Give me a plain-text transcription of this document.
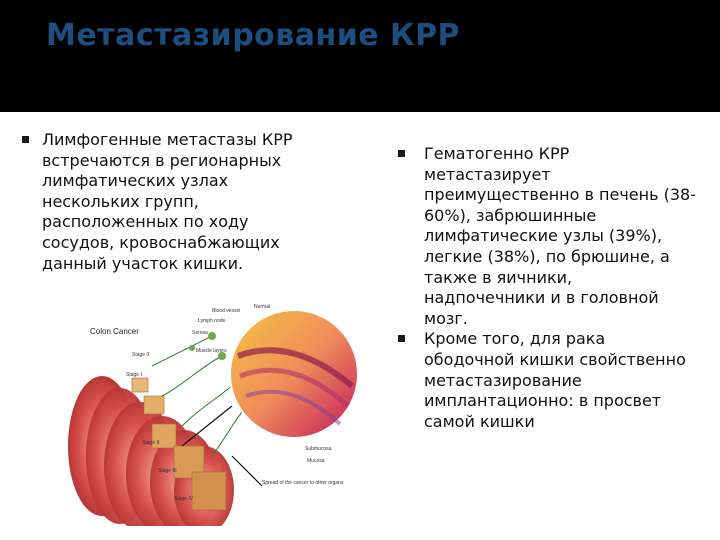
Метастазирование КРР

Лимфогенные метастазы КРР встречаются в регионарных лимфатических узлах нескольких групп, расположенных по ходу сосудов, кровоснабжающих данный участок кишки.

Гематогенно КРР метастазирует преимущественно в печень (38-60%), забрюшинные лимфатические узлы (39%), легкие (38%), по брюшине, а также в яичники, надпочечники и в головной мозг.

Кроме того, для рака ободочной кишки свойственно метастазирование имплантационно: в просвет самой кишки

Colon Cancer
Normal
Blood vessel
Lymph node
Serosa
Muscle layers
Submucosa
Mucosa
Stage 0
Stage I
Stage II
Stage III
Stage IV
Spread of the cancer to other organs
